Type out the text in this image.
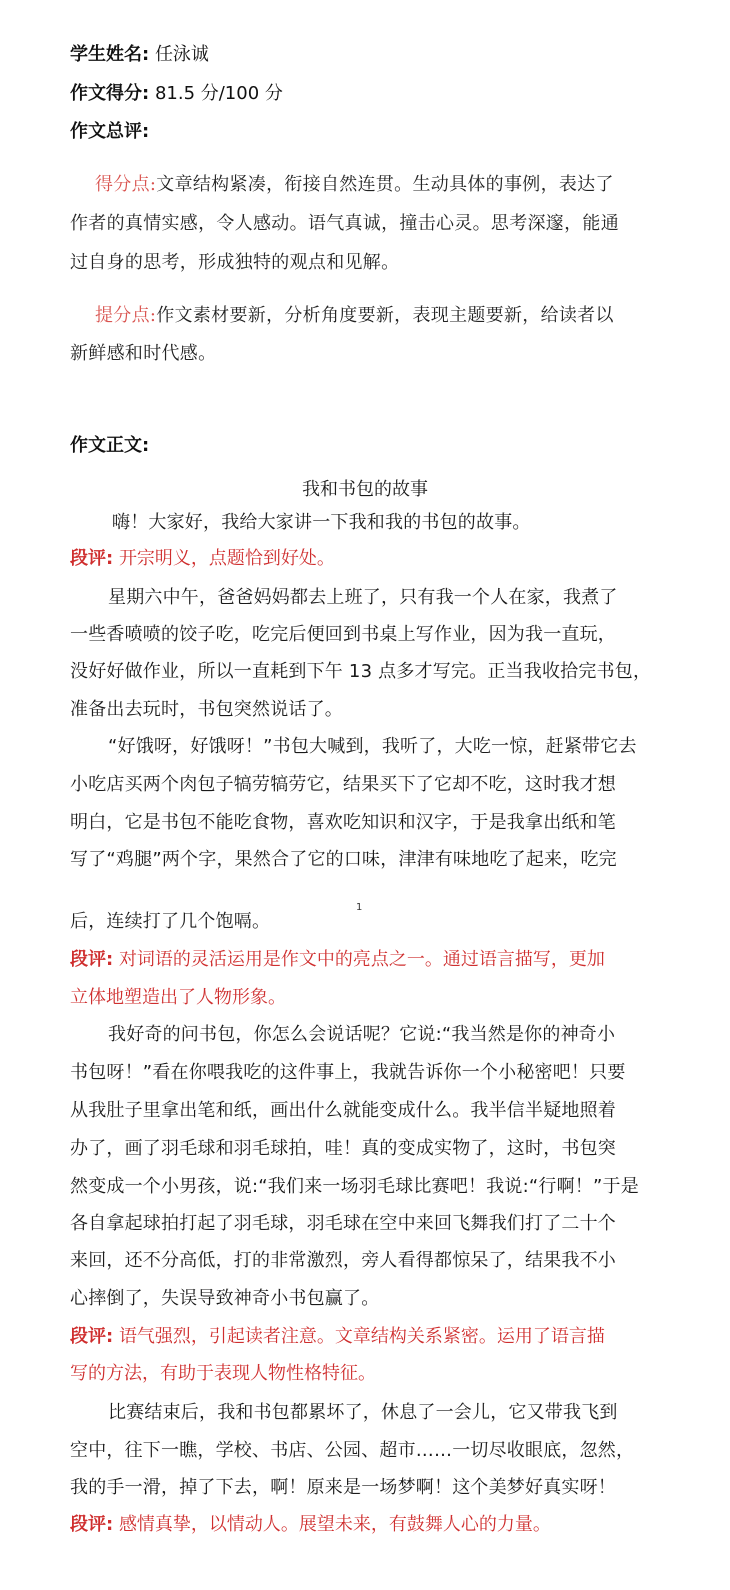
学生姓名: 任泳诚
作文得分: 81.5 分/100 分
作文总评:
得分点:文章结构紧凑，衔接自然连贯。生动具体的事例，表达了
作者的真情实感，令人感动。语气真诚，撞击心灵。思考深邃，能通
过自身的思考，形成独特的观点和见解。
提分点:作文素材要新，分析角度要新，表现主题要新，给读者以
新鲜感和时代感。
作文正文:
我和书包的故事
嗨！大家好，我给大家讲一下我和我的书包的故事。
段评: 开宗明义，点题恰到好处。
星期六中午，爸爸妈妈都去上班了，只有我一个人在家，我煮了
一些香喷喷的饺子吃，吃完后便回到书桌上写作业，因为我一直玩，
没好好做作业，所以一直耗到下午 13 点多才写完。正当我收拾完书包，
准备出去玩时，书包突然说话了。
“好饿呀，好饿呀！”书包大喊到，我听了，大吃一惊，赶紧带它去
小吃店买两个肉包子犒劳犒劳它，结果买下了它却不吃，这时我才想
明白，它是书包不能吃食物，喜欢吃知识和汉字，于是我拿出纸和笔
写了“鸡腿”两个字，果然合了它的口味，津津有味地吃了起来，吃完
1
后，连续打了几个饱嗝。
段评: 对词语的灵活运用是作文中的亮点之一。通过语言描写，更加
立体地塑造出了人物形象。
我好奇的问书包，你怎么会说话呢？它说:“我当然是你的神奇小
书包呀！”看在你喂我吃的这件事上，我就告诉你一个小秘密吧！只要
从我肚子里拿出笔和纸，画出什么就能变成什么。我半信半疑地照着
办了，画了羽毛球和羽毛球拍，哇！真的变成实物了，这时，书包突
然变成一个小男孩，说:“我们来一场羽毛球比赛吧！我说:“行啊！”于是
各自拿起球拍打起了羽毛球，羽毛球在空中来回飞舞我们打了二十个
来回，还不分高低，打的非常激烈，旁人看得都惊呆了，结果我不小
心摔倒了，失误导致神奇小书包赢了。
段评: 语气强烈，引起读者注意。文章结构关系紧密。运用了语言描
写的方法，有助于表现人物性格特征。
比赛结束后，我和书包都累坏了，休息了一会儿，它又带我飞到
空中，往下一瞧，学校、书店、公园、超市……一切尽收眼底，忽然，
我的手一滑，掉了下去，啊！原来是一场梦啊！这个美梦好真实呀！
段评: 感情真挚，以情动人。展望未来，有鼓舞人心的力量。
